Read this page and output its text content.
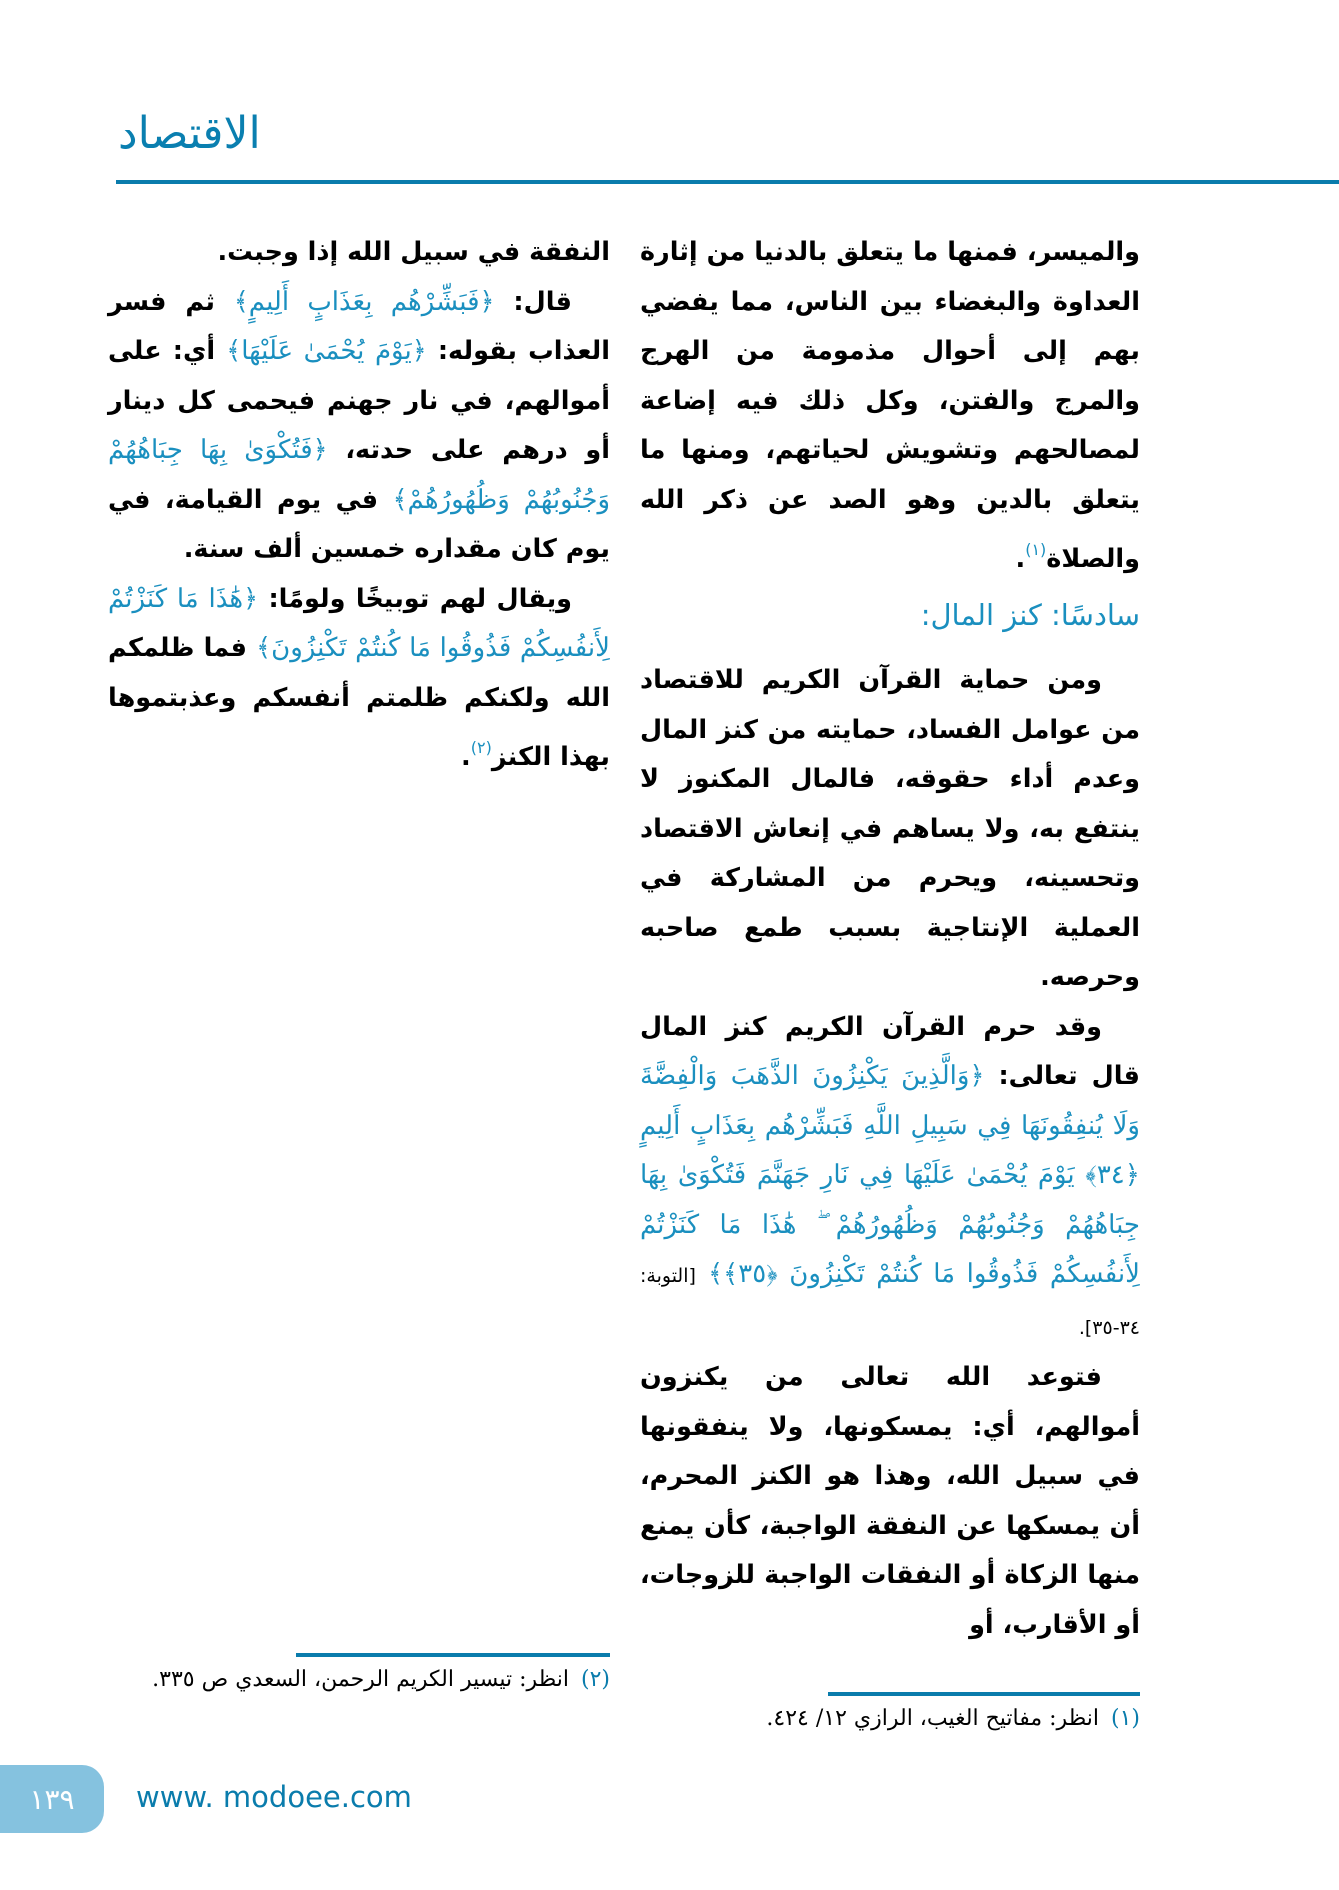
الاقتصاد

والميسر، فمنها ما يتعلق بالدنيا من إثارة العداوة والبغضاء بين الناس، مما يفضي بهم إلى أحوال مذمومة من الهرج والمرج والفتن، وكل ذلك فيه إضاعة لمصالحهم وتشويش لحياتهم، ومنها ما يتعلق بالدين وهو الصد عن ذكر الله والصلاة$^{(١)}$.

سادسًا: كنز المال:

ومن حماية القرآن الكريم للاقتصاد من عوامل الفساد، حمايته من كنز المال وعدم أداء حقوقه، فالمال المكنوز لا ينتفع به، ولا يساهم في إنعاش الاقتصاد وتحسينه، ويحرم من المشاركة في العملية الإنتاجية بسبب طمع صاحبه وحرصه.

وقد حرم القرآن الكريم كنز المال قال تعالى: ﴿وَالَّذِينَ يَكْنِزُونَ الذَّهَبَ وَالْفِضَّةَ وَلَا يُنفِقُونَهَا فِي سَبِيلِ اللَّهِ فَبَشِّرْهُم بِعَذَابٍ أَلِيمٍ ﴿٣٤﴾ يَوْمَ يُحْمَىٰ عَلَيْهَا فِي نَارِ جَهَنَّمَ فَتُكْوَىٰ بِهَا جِبَاهُهُمْ وَجُنُوبُهُمْ وَظُهُورُهُمْ ۖ هَٰذَا مَا كَنَزْتُمْ لِأَنفُسِكُمْ فَذُوقُوا مَا كُنتُمْ تَكْنِزُونَ ﴿٣٥﴾﴾ [التوبة: ٣٤-٣٥].

فتوعد الله تعالى من يكنزون أموالهم، أي: يمسكونها، ولا ينفقونها في سبيل الله، وهذا هو الكنز المحرم، أن يمسكها عن النفقة الواجبة، كأن يمنع منها الزكاة أو النفقات الواجبة للزوجات، أو الأقارب، أو

النفقة في سبيل الله إذا وجبت.

قال: ﴿فَبَشِّرْهُم بِعَذَابٍ أَلِيمٍ﴾ ثم فسر العذاب بقوله: ﴿يَوْمَ يُحْمَىٰ عَلَيْهَا﴾ أي: على أموالهم، في نار جهنم فيحمى كل دينار أو درهم على حدته، ﴿فَتُكْوَىٰ بِهَا جِبَاهُهُمْ وَجُنُوبُهُمْ وَظُهُورُهُمْ﴾ في يوم القيامة، في يوم كان مقداره خمسين ألف سنة.

ويقال لهم توبيخًا ولومًا: ﴿هَٰذَا مَا كَنَزْتُمْ لِأَنفُسِكُمْ فَذُوقُوا مَا كُنتُمْ تَكْنِزُونَ﴾ فما ظلمكم الله ولكنكم ظلمتم أنفسكم وعذبتموها بهذا الكنز$^{(٢)}$.

(١)انظر: مفاتيح الغيب، الرازي ١٢/ ٤٢٤.
(٢)انظر: تيسير الكريم الرحمن، السعدي ص ٣٣٥.
١٣٩ www. modoee.com
